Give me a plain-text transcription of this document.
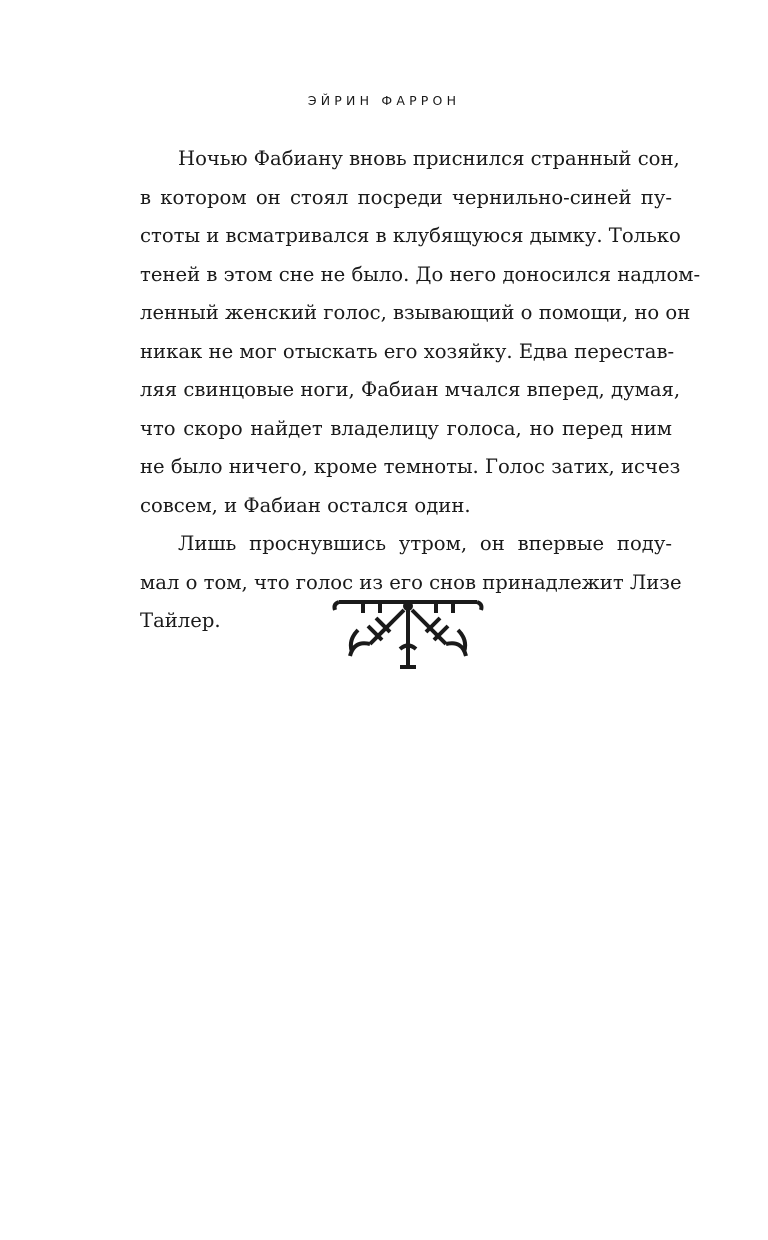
ЭЙРИН ФАРРОН
Ночью Фабиану вновь приснился странный сон,
в котором он стоял посреди чернильно-синей пу-
стоты и всматривался в клубящуюся дымку. Только
теней в этом сне не было. До него доносился надлом-
ленный женский голос, взывающий о помощи, но он
никак не мог отыскать его хозяйку. Едва перестав-
ляя свинцовые ноги, Фабиан мчался вперед, думая,
что скоро найдет владелицу голоса, но перед ним
не было ничего, кроме темноты. Голос затих, исчез
совсем, и Фабиан остался один.
Лишь проснувшись утром, он впервые поду-
мал о том, что голос из его снов принадлежит Лизе
Тайлер.
